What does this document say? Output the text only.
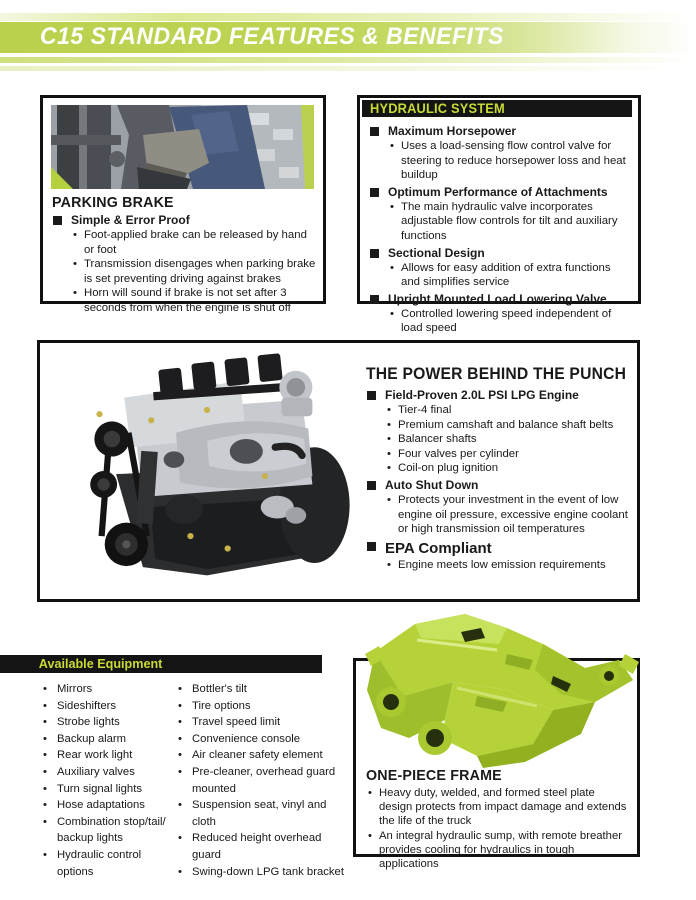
C15 STANDARD FEATURES & BENEFITS
PARKING BRAKE
Simple & Error Proof
• Foot-applied brake can be released by hand or foot
• Transmission disengages when parking brake is set preventing driving against brakes
• Horn will sound if brake is not set after 3 seconds from when the engine is shut off
HYDRAULIC SYSTEM
Maximum Horsepower
• Uses a load-sensing flow control valve for steering to reduce horsepower loss and heat buildup
Optimum Performance of Attachments
• The main hydraulic valve incorporates adjustable flow controls for tilt and auxiliary functions
Sectional Design
• Allows for easy addition of extra functions and simplifies service
Upright Mounted Load Lowering Valve
• Controlled lowering speed independent of load speed
THE POWER BEHIND THE PUNCH
Field-Proven 2.0L PSI LPG Engine
• Tier-4 final
• Premium camshaft and balance shaft belts
• Balancer shafts
• Four valves per cylinder
• Coil-on plug ignition
Auto Shut Down
• Protects your investment in the event of low engine oil pressure, excessive engine coolant or high transmission oil temperatures
EPA Compliant
• Engine meets low emission requirements
Available Equipment
• Mirrors
• Sideshifters
• Strobe lights
• Backup alarm
• Rear work light
• Auxiliary valves
• Turn signal lights
• Hose adaptations
• Combination stop/tail/ backup lights
• Hydraulic control options
• Bottler's tilt
• Tire options
• Travel speed limit
• Convenience console
• Air cleaner safety element
• Pre-cleaner, overhead guard mounted
• Suspension seat, vinyl and cloth
• Reduced height overhead guard
• Swing-down LPG tank bracket
ONE-PIECE FRAME
• Heavy duty, welded, and formed steel plate design protects from impact damage and extends the life of the truck
• An integral hydraulic sump, with remote breather provides cooling for hydraulics in tough applications
